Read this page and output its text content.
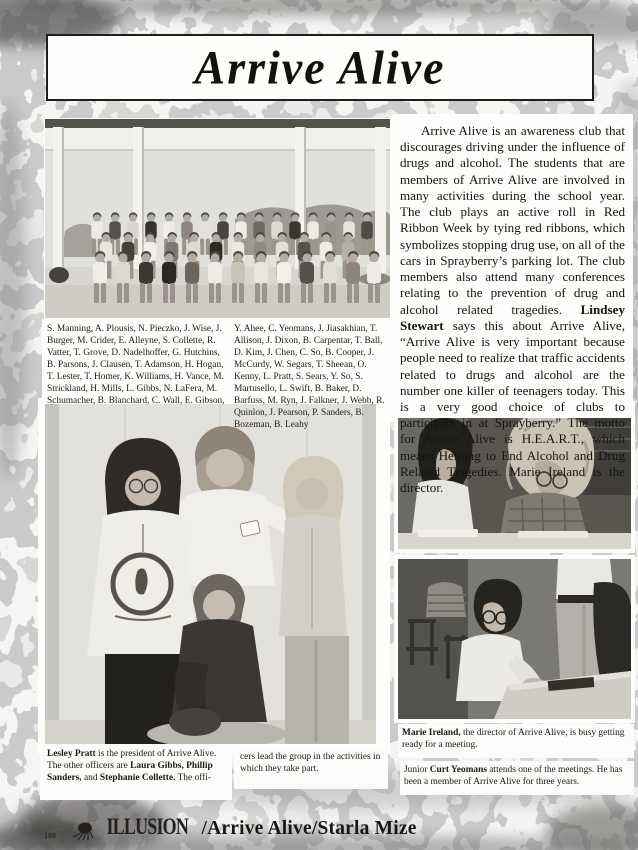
Arrive Alive
S. Manning, A. Plousis, N. Pieczko, J. Wise, J. Burger, M. Crider, E. Alleyne, S. Collette, R. Vatter, T. Grove, D. Nadelhoffer, G. Hutchins, B. Parsons, J. Clausen, T. Adamson, H. Hogan, T. Lester, T. Homer, K. Williams, H. Vance, M. Strickland, H. Mills, L. Gibbs, N. LaFera, M. Schumacher, B. Blanchard, C. Wall, E. Gibson,
Y. Ahee, C. Yeomans, J. Jiasakhian, T. Allison, J. Dixon, B. Carpentar, T. Ball, D. Kim, J. Chen, C. So, B. Cooper, J. McCurdy, W. Segars, T. Sheean, O. Kenny, L. Pratt, S. Sears, Y. So, S. Martusello, L. Swift, B. Baker, D. Barfuss, M. Ryn, J. Falkner, J. Webb, R. Quinlon, J. Pearson, P. Sanders, B. Bozeman, B. Leahy
Arrive Alive is an awareness club that discourages driving under the influence of drugs and alcohol. The students that are members of Arrive Alive are involved in many activities during the school year. The club plays an active roll in Red Ribbon Week by tying red ribbons, which symbolizes stopping drug use, on all of the cars in Sprayberry’s parking lot. The club members also attend many conferences relating to the prevention of drug and alcohol related tragedies. Lindsey Stewart says this about Arrive Alive, “Arrive Alive is very important because people need to realize that traffic accidents related to drugs and alcohol are the number one killer of teenagers today. This is a very good choice of clubs to participate in at Sprayberry.” The motto for Arrive Alive is H.E.A.R.T., which means Helping to End Alcohol and Drug Related Tragedies. Marie Ireland is the director.
Lesley Pratt is the president of Arrive Alive. The other officers are Laura Gibbs, Phillip Sanders, and Stephanie Collette. The offi-
cers lead the group in the activities in which they take part.
Marie Ireland, the director of Arrive Alive, is busy getting ready for a meeting.
Junior Curt Yeomans attends one of the meetings. He has been a member of Arrive Alive for three years.
180 ILLUSION /Arrive Alive/Starla Mize
